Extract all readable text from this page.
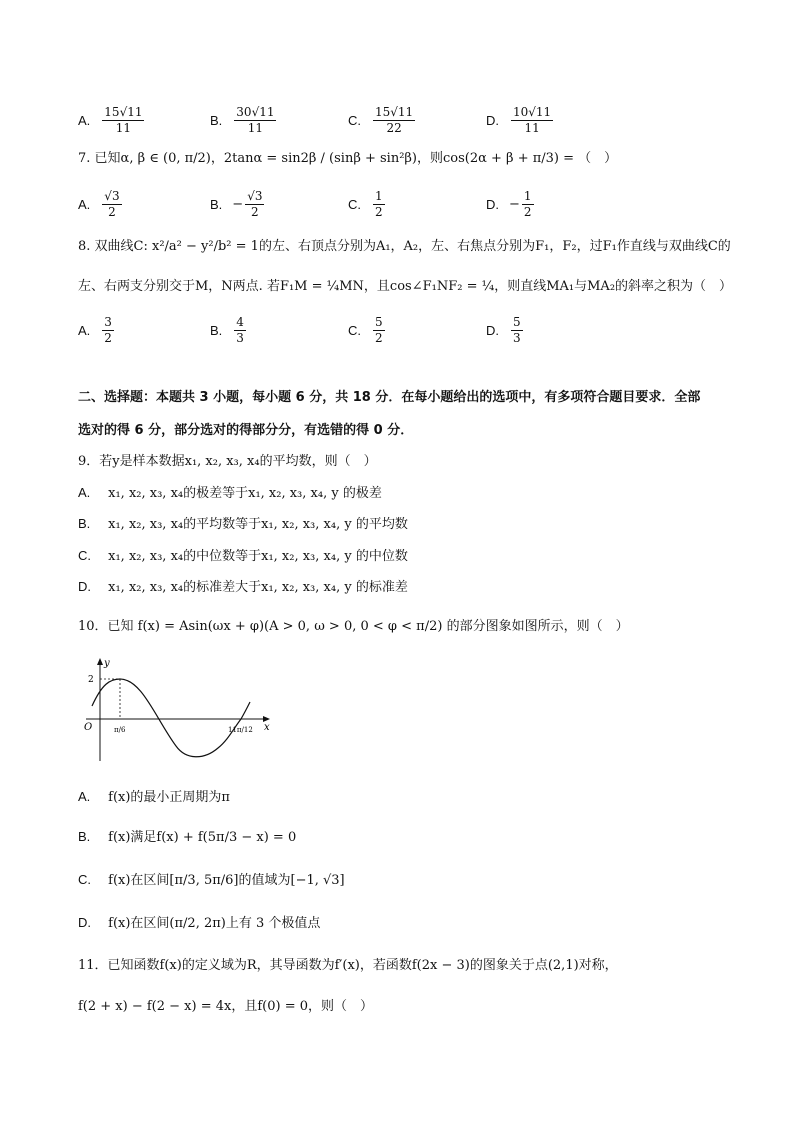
A. $\frac{15√11}{11}$	B. $\frac{30√11}{11}$	C. $\frac{15√11}{22}$	D. $\frac{10√11}{11}$
7. 已知α, β ∈ (0, π/2)，2tanα = sin2β / (sinβ + sin²β)，则cos(2α + β + π/3) = （　）
A. $\frac{√3}{2}$	B. − $\frac{√3}{2}$	C. $\frac{1}{2}$	D. − $\frac{1}{2}$
8. 双曲线C: x²/a² − y²/b² = 1的左、右顶点分别为A₁，A₂，左、右焦点分别为F₁，F₂，过F₁作直线与双曲线C的
左、右两支分别交于M，N两点. 若F₁M = ¼MN，且cos∠F₁NF₂ = ¼，则直线MA₁与MA₂的斜率之积为（　）
A. $\frac{3}{2}$	B. $\frac{4}{3}$	C. $\frac{5}{2}$	D. $\frac{5}{3}$
二、选择题：本题共 3 小题，每小题 6 分，共 18 分．在每小题给出的选项中，有多项符合题目要求．全部
选对的得 6 分，部分选对的得部分分，有选错的得 0 分．
9．若y是样本数据x₁, x₂, x₃, x₄的平均数，则（　）
A. x₁, x₂, x₃, x₄的极差等于x₁, x₂, x₃, x₄, y 的极差
B. x₁, x₂, x₃, x₄的平均数等于x₁, x₂, x₃, x₄, y 的平均数
C. x₁, x₂, x₃, x₄的中位数等于x₁, x₂, x₃, x₄, y 的中位数
D. x₁, x₂, x₃, x₄的标准差大于x₁, x₂, x₃, x₄, y 的标准差
10．已知 f(x) = Asin(ωx + φ)(A > 0, ω > 0, 0 < φ < π/2) 的部分图象如图所示，则（　）
y
x
O
2
π/6	11π/12
A. f(x)的最小正周期为π
B. f(x)满足f(x) + f(5π/3 − x) = 0
C. f(x)在区间[π/3, 5π/6]的值域为[−1, √3]
D. f(x)在区间(π/2, 2π)上有 3 个极值点
11．已知函数f(x)的定义域为R，其导函数为f′(x)，若函数f(2x − 3)的图象关于点(2,1)对称，
f(2 + x) − f(2 − x) = 4x，且f(0) = 0，则（　）
